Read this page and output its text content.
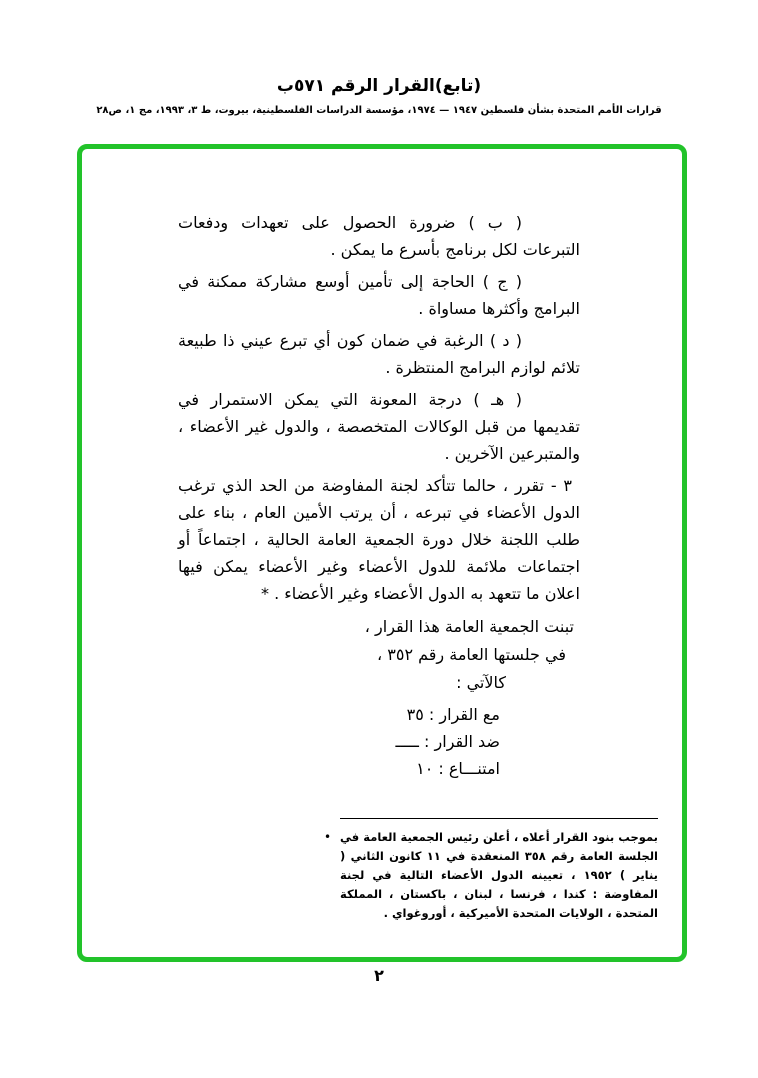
(تابع)القرار الرقم ٥٧١ب
قرارات الأمم المتحدة بشأن فلسطين ١٩٤٧ — ١٩٧٤، مؤسسة الدراسات الفلسطينية، بيروت، ط ٣، ١٩٩٣، مج ١، ص٢٨

( ب ) ضرورة الحصول على تعهدات ودفعات التبرعات لكل برنامج بأسرع ما يمكن .

( ج ) الحاجة إلى تأمين أوسع مشاركة ممكنة في البرامج وأكثرها مساواة .

( د ) الرغبة في ضمان كون أي تبرع عيني ذا طبيعة تلائم لوازم البرامج المنتظرة .

( هـ ) درجة المعونة التي يمكن الاستمرار في تقديمها من قبل الوكالات المتخصصة ، والدول غير الأعضاء ، والمتبرعين الآخرين .

٣ - تقرر ، حالما تتأكد لجنة المفاوضة من الحد الذي ترغب الدول الأعضاء في تبرعه ، أن يرتب الأمين العام ، بناء على طلب اللجنة خلال دورة الجمعية العامة الحالية ، اجتماعاً أو اجتماعات ملائمة للدول الأعضاء وغير الأعضاء يمكن فيها اعلان ما تتعهد به الدول الأعضاء وغير الأعضاء . *

تبنت الجمعية العامة هذا القرار ،

في جلستها العامة رقم ٣٥٢ ،

كالآتي :

مع القرار : ٣٥

ضد القرار : ـــــ

امتنـــاع : ١٠

• بموجب بنود القرار أعلاه ، أعلن رئيس الجمعية العامة في الجلسة العامة رقم ٣٥٨ المنعقدة في ١١ كانون الثاني ( يناير ) ١٩٥٢ ، تعيينه الدول الأعضاء التالية في لجنة المفاوضة : كندا ، فرنسا ، لبنان ، باكستان ، المملكة المتحدة ، الولايات المتحدة الأميركية ، أوروغواي .

٢
